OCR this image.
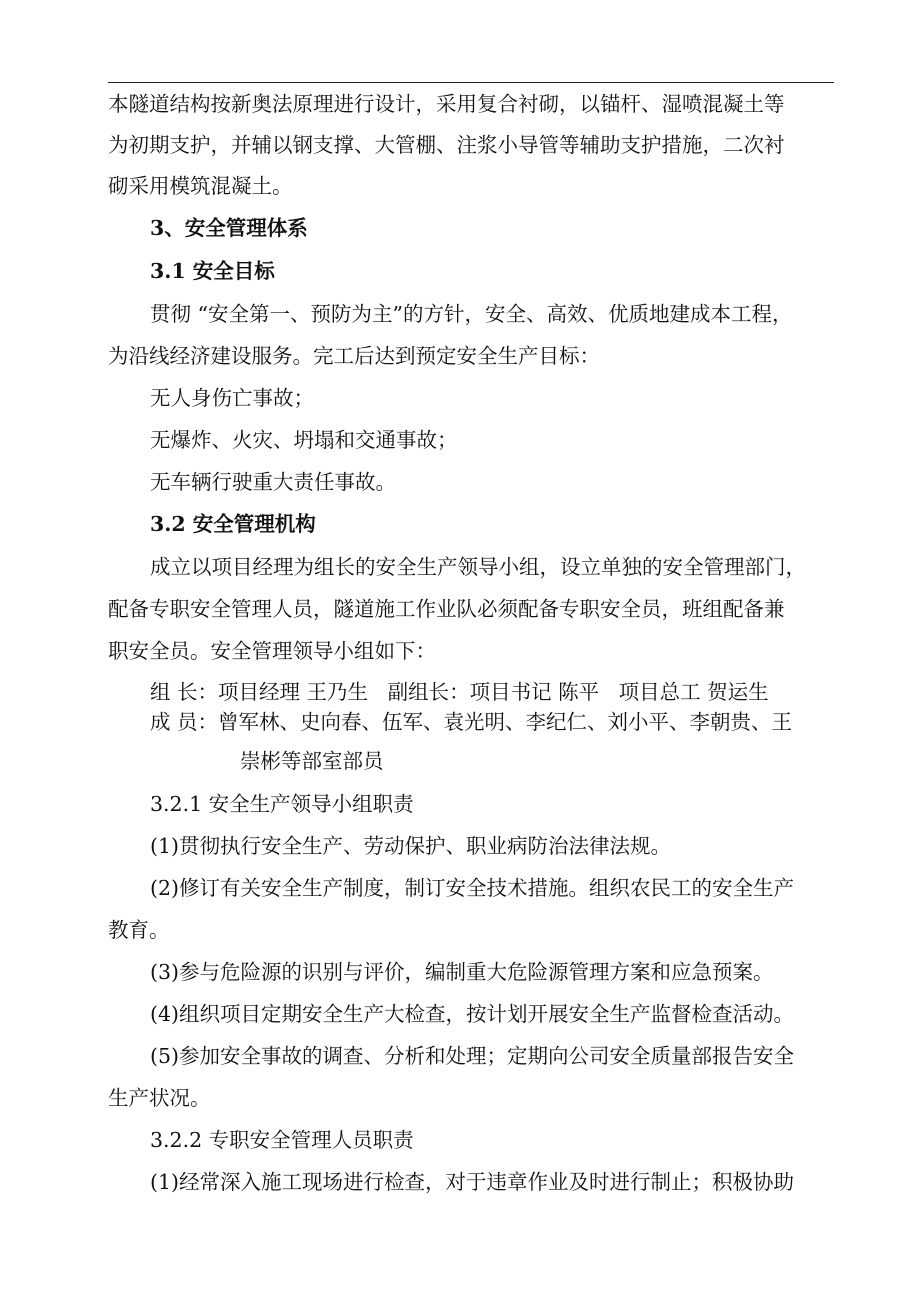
本隧道结构按新奥法原理进行设计，采用复合衬砌，以锚杆、湿喷混凝土等
为初期支护，并辅以钢支撑、大管棚、注浆小导管等辅助支护措施，二次衬
砌采用模筑混凝土。
3、安全管理体系
3.1 安全目标
贯彻 “安全第一、预防为主”的方针，安全、高效、优质地建成本工程，
为沿线经济建设服务。完工后达到预定安全生产目标：
无人身伤亡事故；
无爆炸、火灾、坍塌和交通事故；
无车辆行驶重大责任事故。
3.2 安全管理机构
成立以项目经理为组长的安全生产领导小组，设立单独的安全管理部门，
配备专职安全管理人员，隧道施工作业队必须配备专职安全员，班组配备兼
职安全员。安全管理领导小组如下：
组 长：项目经理 王乃生   副组长：项目书记 陈平   项目总工 贺运生
成 员：曾军林、史向春、伍军、袁光明、李纪仁、刘小平、李朝贵、王
崇彬等部室部员
3.2.1 安全生产领导小组职责
(1)贯彻执行安全生产、劳动保护、职业病防治法律法规。
(2)修订有关安全生产制度，制订安全技术措施。组织农民工的安全生产
教育。
(3)参与危险源的识别与评价，编制重大危险源管理方案和应急预案。
(4)组织项目定期安全生产大检查，按计划开展安全生产监督检查活动。
(5)参加安全事故的调查、分析和处理；定期向公司安全质量部报告安全
生产状况。
3.2.2 专职安全管理人员职责
(1)经常深入施工现场进行检查，对于违章作业及时进行制止；积极协助
